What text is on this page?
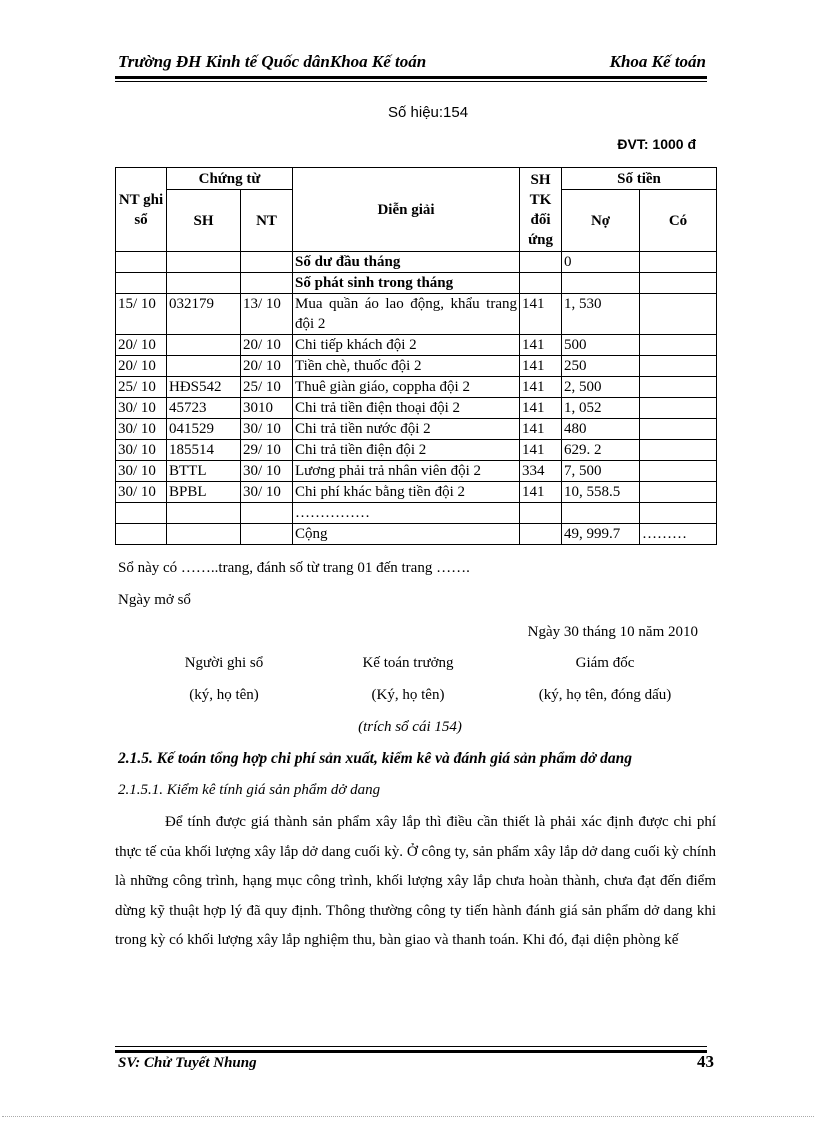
Trường ĐH Kinh tế Quốc dânKhoa Kế toán	Khoa Kế toán
Số hiệu:154
ĐVT: 1000 đ
NT ghi sổ	Chứng từ		Diễn giải	SH TK đối ứng	Số tiền	
	SH	NT			Nợ	Có
			Số dư đầu tháng		0	
			Số phát sinh trong tháng			
15/ 10	032179	13/ 10	Mua quần áo lao động, khẩu trang đội 2	141	1, 530	
20/ 10		20/ 10	Chi tiếp khách đội 2	141	500	
20/ 10		20/ 10	Tiền chè, thuốc đội 2	141	250	
25/ 10	HĐS542	25/ 10	Thuê giàn giáo, coppha đội 2	141	2, 500	
30/ 10	45723	3010	Chi trả tiền điện thoại đội 2	141	1, 052	
30/ 10	041529	30/ 10	Chi trả tiền nước đội 2	141	480	
30/ 10	185514	29/ 10	Chi trả tiền điện đội 2	141	629. 2	
30/ 10	BTTL	30/ 10	Lương phải trả nhân viên đội 2	334	7, 500	
30/ 10	BPBL	30/ 10	Chi phí khác bằng tiền đội 2	141	10, 558.5	
			……………			
			Cộng		49, 999.7	………
Sổ này có ……..trang, đánh số từ trang 01 đến trang …….
Ngày mở sổ
Ngày 30 tháng 10 năm 2010
Người ghi sổ
(ký, họ tên)
Kế toán trưởng
(Ký, họ tên)
Giám đốc
(ký, họ tên, đóng dấu)
(trích sổ cái 154)
2.1.5. Kế toán tổng hợp chi phí sản xuất, kiểm kê và đánh giá sản phẩm dở dang
2.1.5.1. Kiểm kê tính giá sản phẩm dở dang
Để tính được giá thành sản phẩm xây lắp thì điều cần thiết là phải xác định được chi phí thực tế của khối lượng xây lắp dở dang cuối kỳ. Ở công ty, sản phẩm xây lắp dở dang cuối kỳ chính là những công trình, hạng mục công trình, khối lượng xây lắp chưa hoàn thành, chưa đạt đến điểm dừng kỹ thuật hợp lý đã quy định. Thông thường công ty tiến hành đánh giá sản phẩm dở dang khi trong kỳ có khối lượng xây lắp nghiệm thu, bàn giao và thanh toán. Khi đó, đại diện phòng kế
SV: Chử Tuyết Nhung	43
